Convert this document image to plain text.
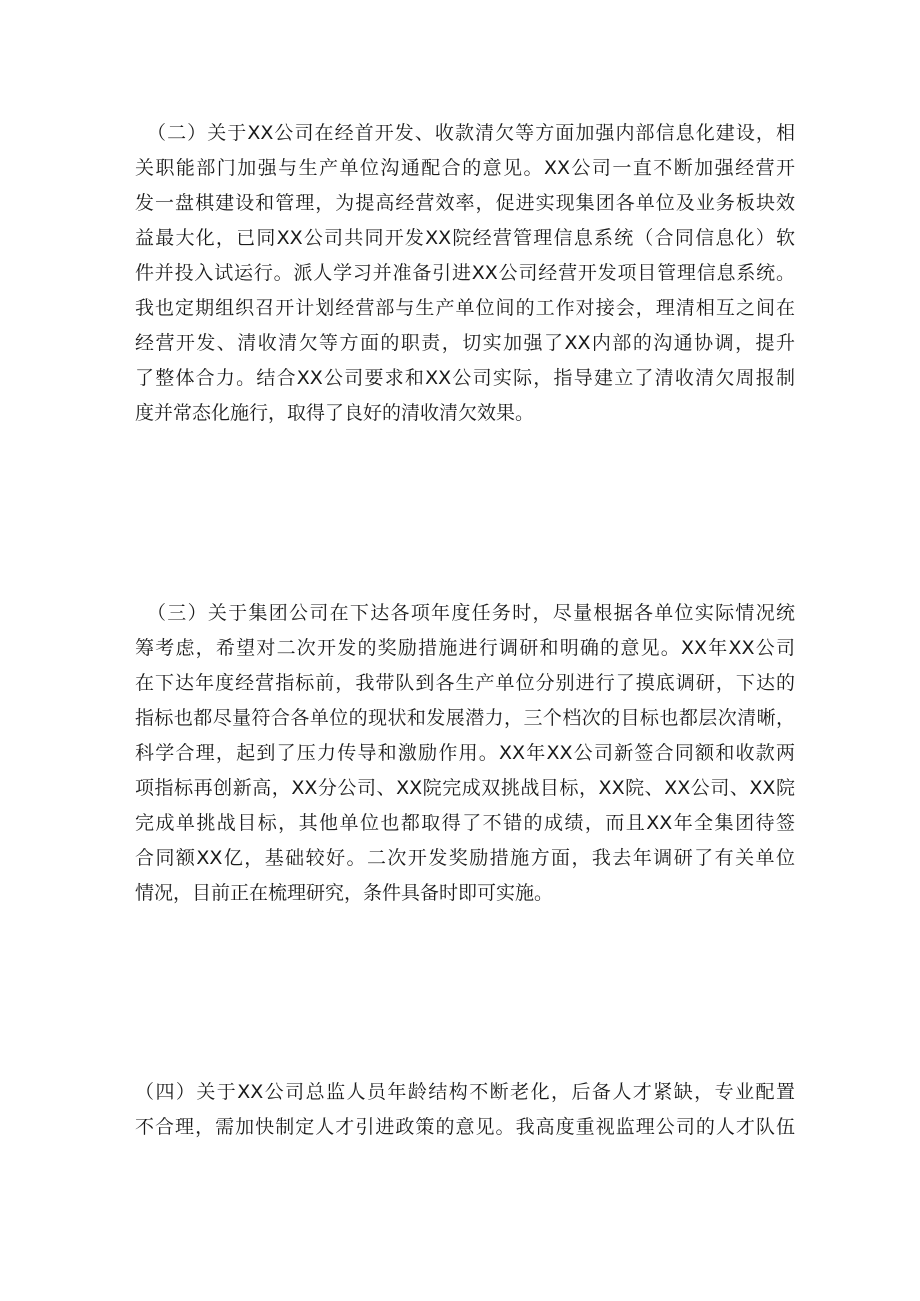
（二）关于XX公司在经首开发、收款清欠等方面加强内部信息化建设，相
关职能部门加强与生产单位沟通配合的意见。XX公司一直不断加强经营开
发一盘棋建设和管理，为提高经营效率，促进实现集团各单位及业务板块效
益最大化，已同XX公司共同开发XX院经营管理信息系统（合同信息化）软
件并投入试运行。派人学习并准备引进XX公司经营开发项目管理信息系统。
我也定期组织召开计划经营部与生产单位间的工作对接会，理清相互之间在
经营开发、清收清欠等方面的职责，切实加强了XX内部的沟通协调，提升
了整体合力。结合XX公司要求和XX公司实际，指导建立了清收清欠周报制
度并常态化施行，取得了良好的清收清欠效果。

（三）关于集团公司在下达各项年度任务时，尽量根据各单位实际情况统
筹考虑，希望对二次开发的奖励措施进行调研和明确的意见。XX年XX公司
在下达年度经营指标前，我带队到各生产单位分别进行了摸底调研，下达的
指标也都尽量符合各单位的现状和发展潜力，三个档次的目标也都层次清晰，
科学合理，起到了压力传导和激励作用。XX年XX公司新签合同额和收款两
项指标再创新高，XX分公司、XX院完成双挑战目标，XX院、XX公司、XX院
完成单挑战目标，其他单位也都取得了不错的成绩，而且XX年全集团待签
合同额XX亿，基础较好。二次开发奖励措施方面，我去年调研了有关单位
情况，目前正在梳理研究，条件具备时即可实施。

（四）关于XX公司总监人员年龄结构不断老化，后备人才紧缺，专业配置
不合理，需加快制定人才引进政策的意见。我高度重视监理公司的人才队伍
